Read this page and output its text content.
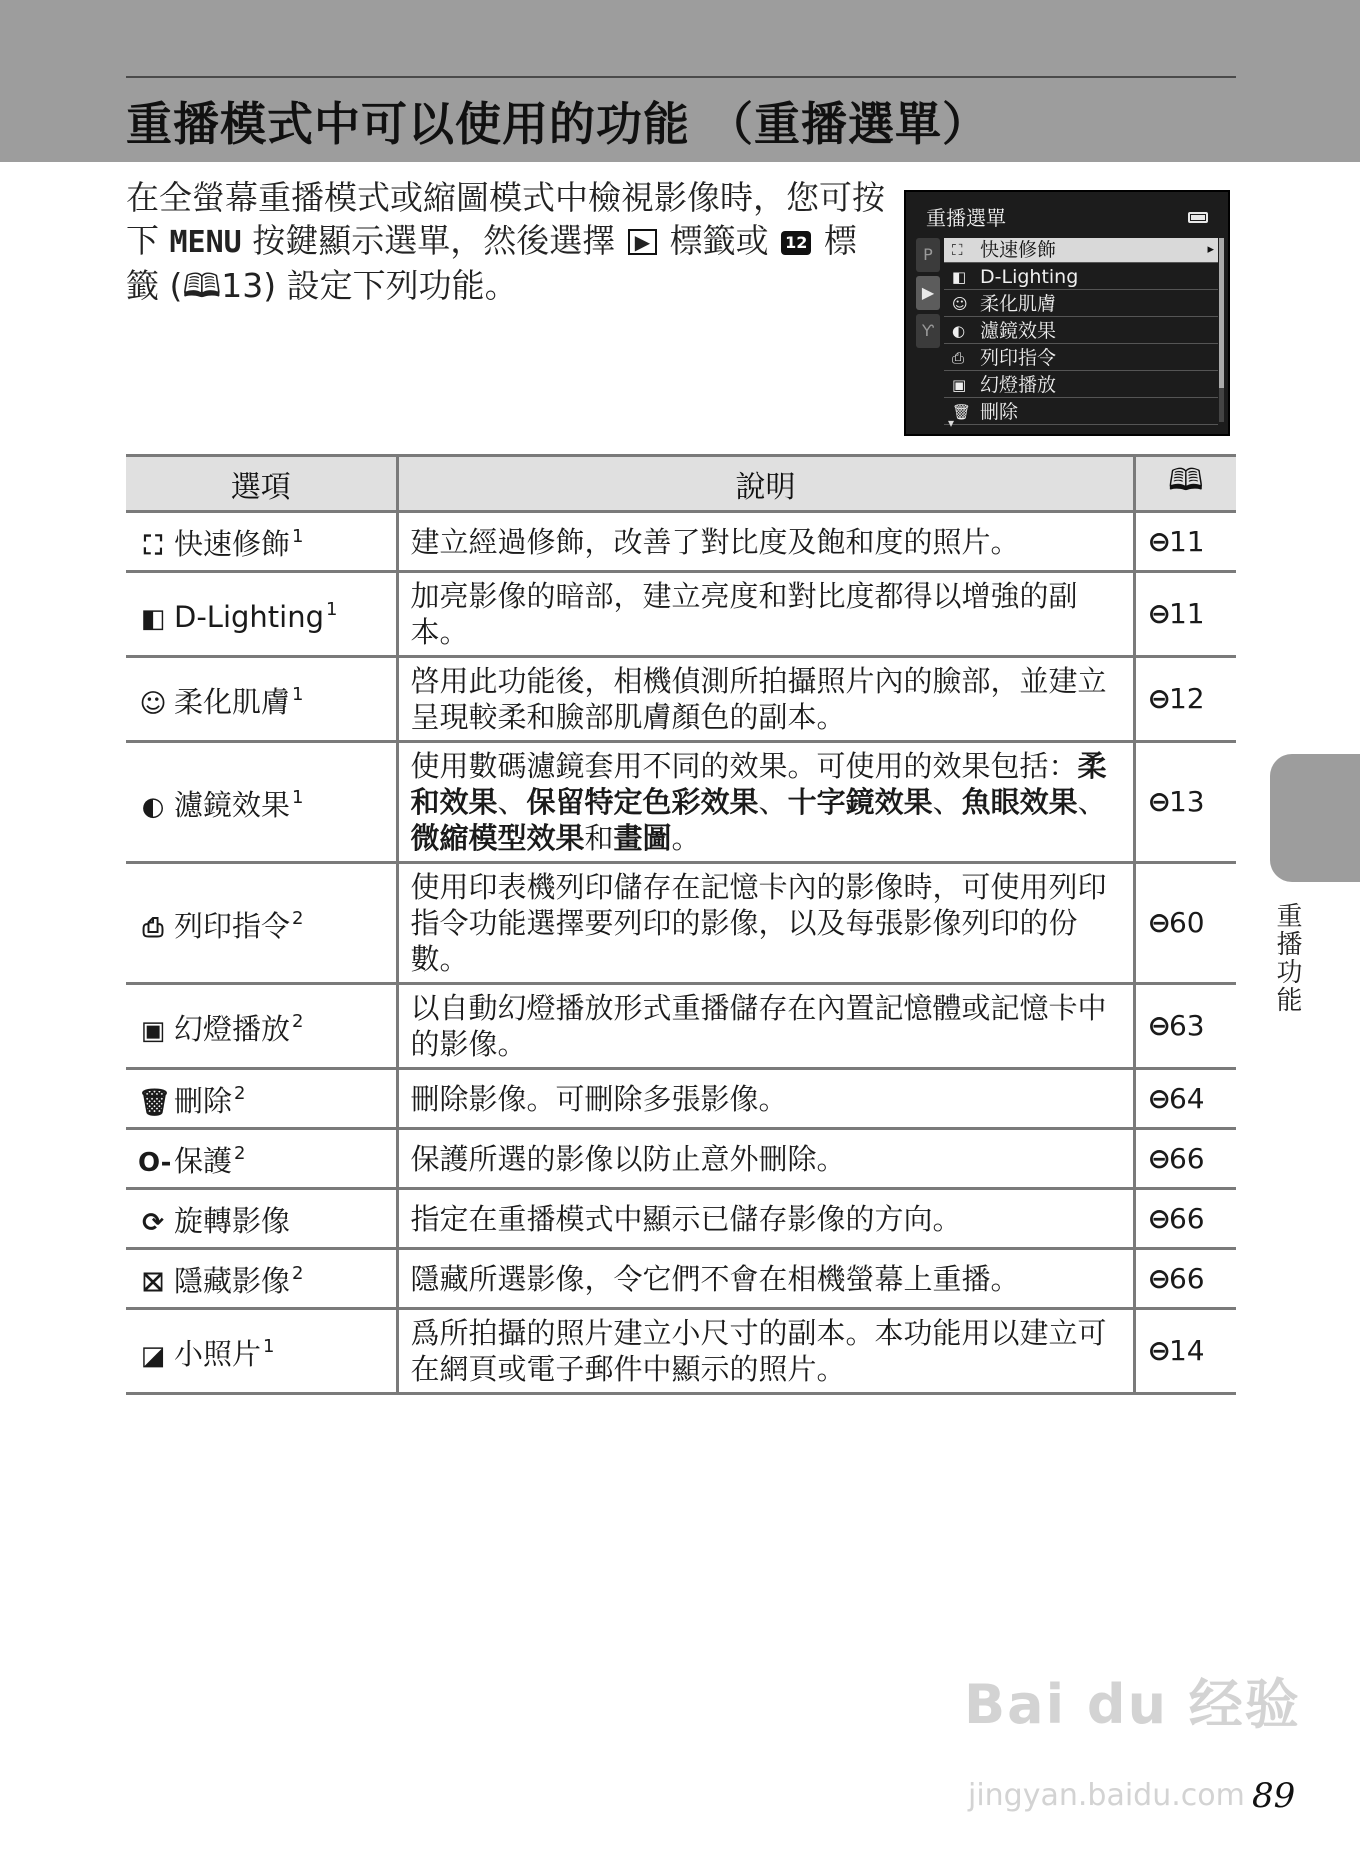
重播模式中可以使用的功能 （重播選單）
在全螢幕重播模式或縮圖模式中檢視影像時，您可按下 MENU 按鍵顯示選單，然後選擇 ▶ 標籤或 12 標籤 (🕮13) 設定下列功能。
重播選單
P
▶
Ƴ
⛶ 快速修飾	▸
◧ D-Lighting
☺ 柔化肌膚
◐ 濾鏡效果
⎙ 列印指令
▣ 幻燈播放
🗑 刪除
▾
選項	說明	🕮
⛶ 快速修飾 $^1$	建立經過修飾，改善了對比度及飽和度的照片。	⊖11
◧ D-Lighting $^1$	加亮影像的暗部，建立亮度和對比度都得以增強的副本。	⊖11
☺ 柔化肌膚 $^1$	啓用此功能後，相機偵測所拍攝照片內的臉部，並建立呈現較柔和臉部肌膚顏色的副本。	⊖12
◐ 濾鏡效果 $^1$	使用數碼濾鏡套用不同的效果。可使用的效果包括：柔和效果、保留特定色彩效果、十字鏡效果、魚眼效果、微縮模型效果和畫圖。	⊖13
⎙ 列印指令 $^2$	使用印表機列印儲存在記憶卡內的影像時，可使用列印指令功能選擇要列印的影像，以及每張影像列印的份數。	⊖60
▣ 幻燈播放 $^2$	以自動幻燈播放形式重播儲存在內置記憶體或記憶卡中的影像。	⊖63
🗑 刪除 $^2$	刪除影像。可刪除多張影像。	⊖64
O-保護 $^2$	保護所選的影像以防止意外刪除。	⊖66
⟳ 旋轉影像	指定在重播模式中顯示已儲存影像的方向。	⊖66
⛝ 隱藏影像 $^2$	隱藏所選影像，令它們不會在相機螢幕上重播。	⊖66
◪ 小照片 $^1$	爲所拍攝的照片建立小尺寸的副本。本功能用以建立可在網頁或電子郵件中顯示的照片。	⊖14
重播功能
Bai du 经验
jingyan.baidu.com 89
